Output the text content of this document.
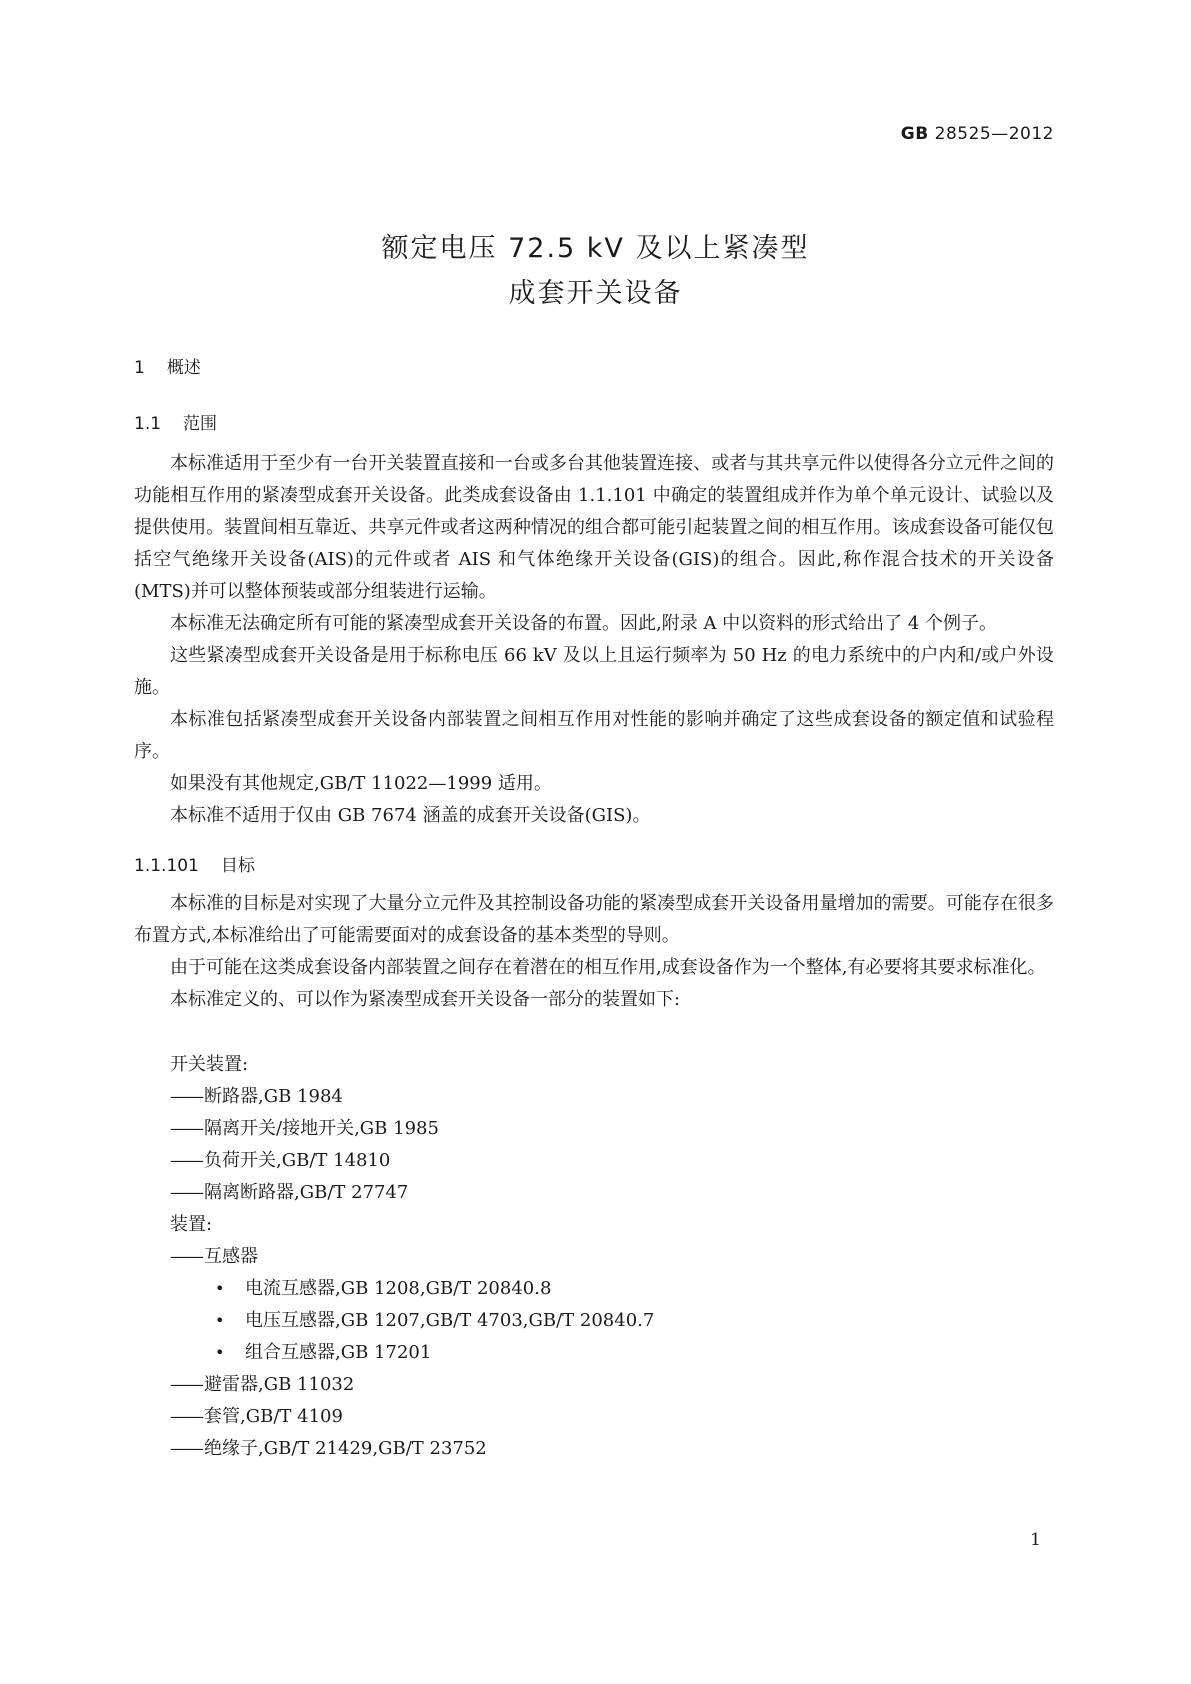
GB 28525—2012
额定电压 72.5 kV 及以上紧凑型
成套开关设备
1 概述
1.1 范围

本标准适用于至少有一台开关装置直接和一台或多台其他装置连接、或者与其共享元件以使得各分立元件之间的功能相互作用的紧凑型成套开关设备。此类成套设备由 1.1.101 中确定的装置组成并作为单个单元设计、试验以及提供使用。装置间相互靠近、共享元件或者这两种情况的组合都可能引起装置之间的相互作用。该成套设备可能仅包括空气绝缘开关设备(AIS)的元件或者 AIS 和气体绝缘开关设备(GIS)的组合。因此,称作混合技术的开关设备(MTS)并可以整体预装或部分组装进行运输。

本标准无法确定所有可能的紧凑型成套开关设备的布置。因此,附录 A 中以资料的形式给出了 4 个例子。

这些紧凑型成套开关设备是用于标称电压 66 kV 及以上且运行频率为 50 Hz 的电力系统中的户内和/或户外设施。

本标准包括紧凑型成套开关设备内部装置之间相互作用对性能的影响并确定了这些成套设备的额定值和试验程序。

如果没有其他规定,GB/T 11022—1999 适用。

本标准不适用于仅由 GB 7674 涵盖的成套开关设备(GIS)。

1.1.101 目标

本标准的目标是对实现了大量分立元件及其控制设备功能的紧凑型成套开关设备用量增加的需要。可能存在很多布置方式,本标准给出了可能需要面对的成套设备的基本类型的导则。

由于可能在这类成套设备内部装置之间存在着潜在的相互作用,成套设备作为一个整体,有必要将其要求标准化。

本标准定义的、可以作为紧凑型成套开关设备一部分的装置如下:

开关装置:
—— 断路器,GB 1984
—— 隔离开关/接地开关,GB 1985
—— 负荷开关,GB/T 14810
—— 隔离断路器,GB/T 27747
装置:
—— 互感器
• 电流互感器,GB 1208,GB/T 20840.8
• 电压互感器,GB 1207,GB/T 4703,GB/T 20840.7
• 组合互感器,GB 17201
—— 避雷器,GB 11032
—— 套管,GB/T 4109
—— 绝缘子,GB/T 21429,GB/T 23752
1
